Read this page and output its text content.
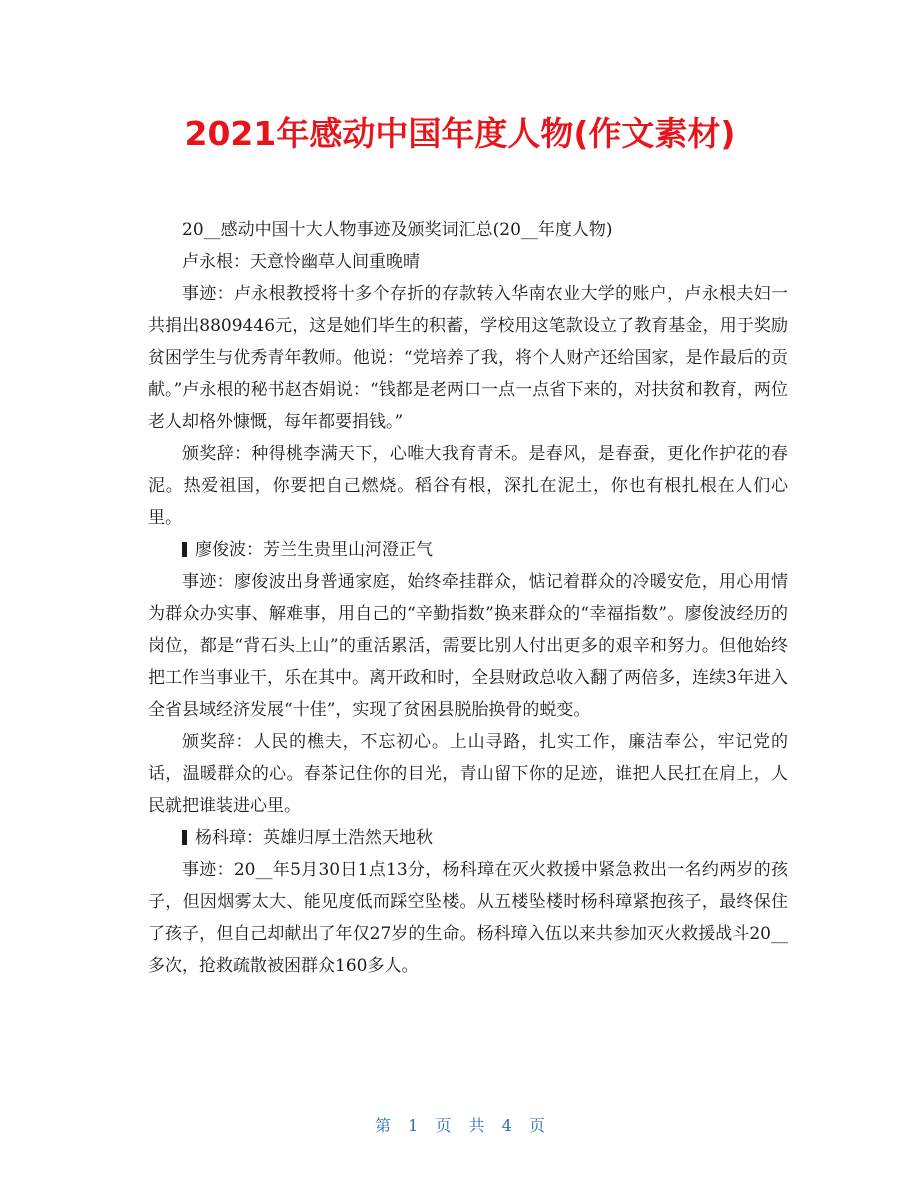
2021年感动中国年度人物(作文素材)

20__感动中国十大人物事迹及颁奖词汇总(20__年度人物)

卢永根：天意怜幽草人间重晚晴

事迹：卢永根教授将十多个存折的存款转入华南农业大学的账户，卢永根夫妇一共捐出8809446元，这是她们毕生的积蓄，学校用这笔款设立了教育基金，用于奖励贫困学生与优秀青年教师。他说：“党培养了我，将个人财产还给国家，是作最后的贡献。”卢永根的秘书赵杏娟说：“钱都是老两口一点一点省下来的，对扶贫和教育，两位老人却格外慷慨，每年都要捐钱。”

颁奖辞：种得桃李满天下，心唯大我育青禾。是春风，是春蚕，更化作护花的春泥。热爱祖国，你要把自己燃烧。稻谷有根，深扎在泥土，你也有根扎根在人们心里。

廖俊波：芳兰生贵里山河澄正气

事迹：廖俊波出身普通家庭，始终牵挂群众，惦记着群众的冷暖安危，用心用情为群众办实事、解难事，用自己的“辛勤指数”换来群众的“幸福指数”。廖俊波经历的岗位，都是“背石头上山”的重活累活，需要比别人付出更多的艰辛和努力。但他始终把工作当事业干，乐在其中。离开政和时，全县财政总收入翻了两倍多，连续3年进入全省县域经济发展“十佳”，实现了贫困县脱胎换骨的蜕变。

颁奖辞：人民的樵夫，不忘初心。上山寻路，扎实工作，廉洁奉公，牢记党的话，温暖群众的心。春茶记住你的目光，青山留下你的足迹，谁把人民扛在肩上，人民就把谁装进心里。

杨科璋：英雄归厚土浩然天地秋

事迹：20__年5月30日1点13分，杨科璋在灭火救援中紧急救出一名约两岁的孩子，但因烟雾太大、能见度低而踩空坠楼。从五楼坠楼时杨科璋紧抱孩子，最终保住了孩子，但自己却献出了年仅27岁的生命。杨科璋入伍以来共参加灭火救援战斗20__多次，抢救疏散被困群众160多人。

第 1 页 共 4 页
